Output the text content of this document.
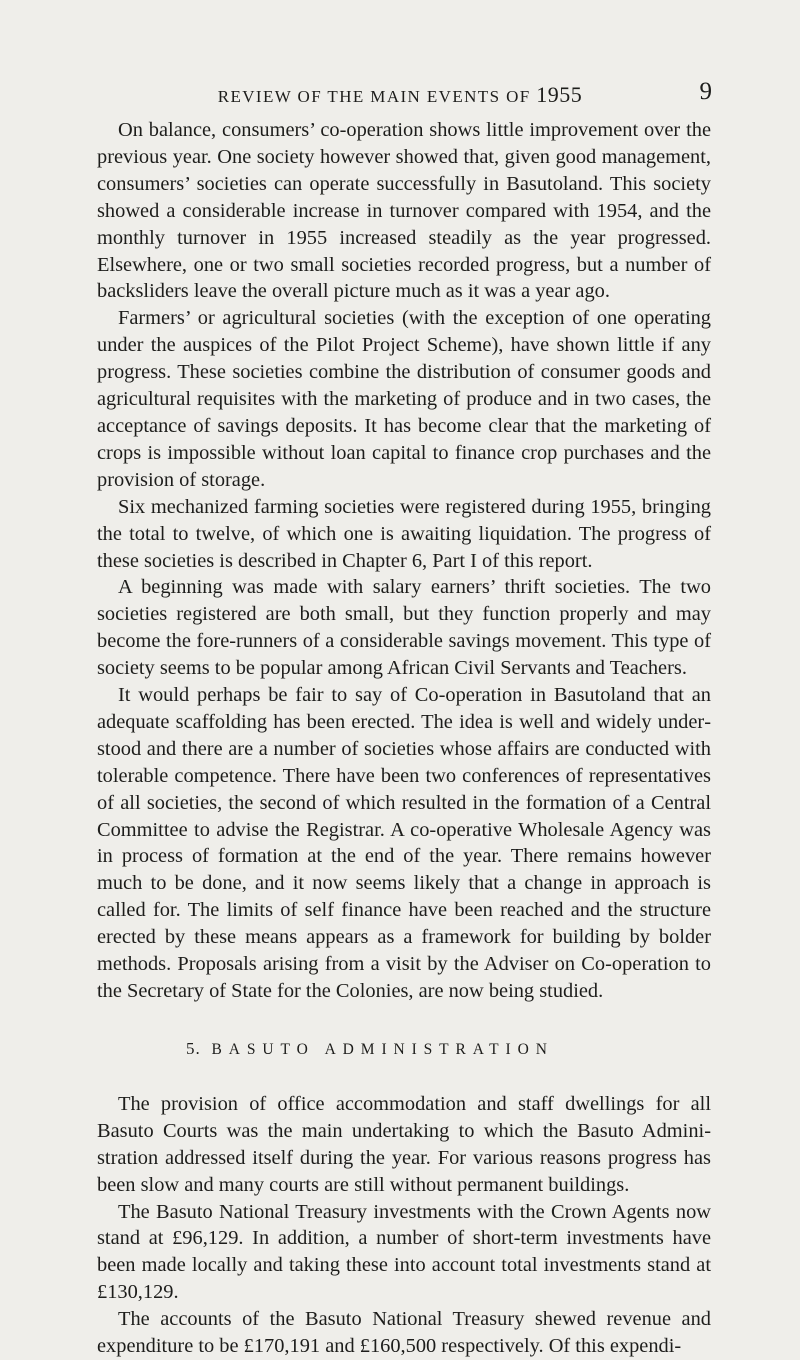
REVIEW OF THE MAIN EVENTS OF 1955	9

On balance, consumers’ co-operation shows little improvement over the previous year. One society however showed that, given good management, consumers’ societies can operate successfully in Basutoland. This society showed a considerable increase in turnover compared with 1954, and the monthly turnover in 1955 increased steadily as the year progressed. Elsewhere, one or two small societies recorded progress, but a number of backsliders leave the overall picture much as it was a year ago.

Farmers’ or agricultural societies (with the exception of one operating under the auspices of the Pilot Project Scheme), have shown little if any progress. These societies combine the distribution of consumer goods and agricultural requisites with the marketing of produce and in two cases, the acceptance of savings deposits. It has become clear that the marketing of crops is impossible without loan capital to finance crop purchases and the provision of storage.

Six mechanized farming societies were registered during 1955, bringing the total to twelve, of which one is awaiting liquidation. The progress of these societies is described in Chapter 6, Part I of this report.

A beginning was made with salary earners’ thrift societies. The two societies registered are both small, but they function properly and may become the fore-runners of a considerable savings movement. This type of society seems to be popular among African Civil Servants and Teachers.

It would perhaps be fair to say of Co-operation in Basutoland that an adequate scaffolding has been erected. The idea is well and widely understood and there are a number of societies whose affairs are conducted with tolerable competence. There have been two conferences of representatives of all societies, the second of which resulted in the formation of a Central Committee to advise the Registrar. A co-operative Wholesale Agency was in process of formation at the end of the year. There remains however much to be done, and it now seems likely that a change in approach is called for. The limits of self finance have been reached and the structure erected by these means appears as a framework for building by bolder methods. Proposals arising from a visit by the Adviser on Co-operation to the Secretary of State for the Colonies, are now being studied.

5. BASUTO ADMINISTRATION

The provision of office accommodation and staff dwellings for all Basuto Courts was the main undertaking to which the Basuto Administration addressed itself during the year. For various reasons progress has been slow and many courts are still without permanent buildings.

The Basuto National Treasury investments with the Crown Agents now stand at £96,129. In addition, a number of short-term investments have been made locally and taking these into account total investments stand at £130,129.

The accounts of the Basuto National Treasury shewed revenue and expenditure to be £170,191 and £160,500 respectively. Of this expendi-
